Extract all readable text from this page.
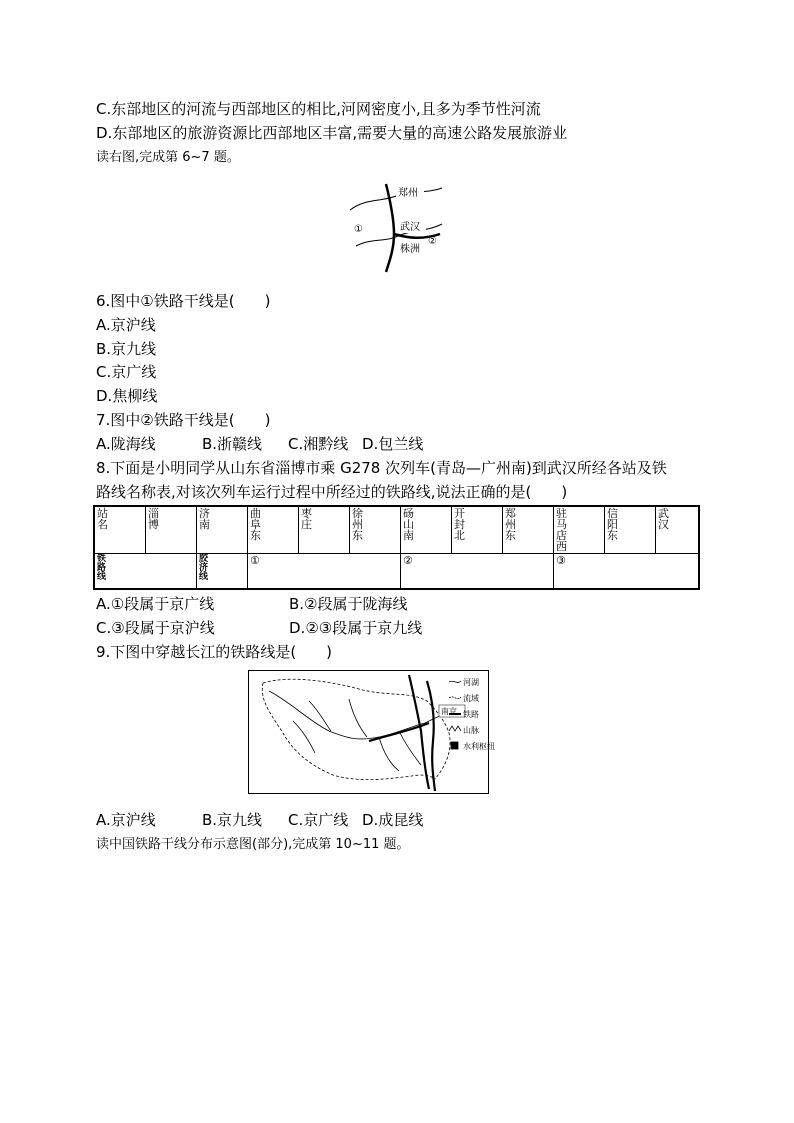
C.东部地区的河流与西部地区的相比,河网密度小,且多为季节性河流
D.东部地区的旅游资源比西部地区丰富,需要大量的高速公路发展旅游业
读右图,完成第 6~7 题。
郑州
武汉
株洲
①
②
6.图中①铁路干线是(　　)
A.京沪线
B.京九线
C.京广线
D.焦柳线
7.图中②铁路干线是(　　)
A.陇海线	B.浙赣线 C.湘黔线 D.包兰线
8.下面是小明同学从山东省淄博市乘 G278 次列车(青岛—广州南)到武汉所经各站及铁
路线名称表,对该次列车运行过程中所经过的铁路线,说法正确的是(　　)
站名	淄博	济南	曲阜东	枣庄	徐州东	砀山南	开封北	郑州东	驻马店西	信阳东	武汉

铁路线		胶济线	①			②			③		
A.①段属于京广线	B.②段属于陇海线
C.③段属于京沪线	D.②③段属于京九线
9.下图中穿越长江的铁路线是(　　)
南京
河湖
流域
铁路
山脉
水利枢纽
A.京沪线	B.京九线 C.京广线 D.成昆线
读中国铁路干线分布示意图(部分),完成第 10~11 题。
